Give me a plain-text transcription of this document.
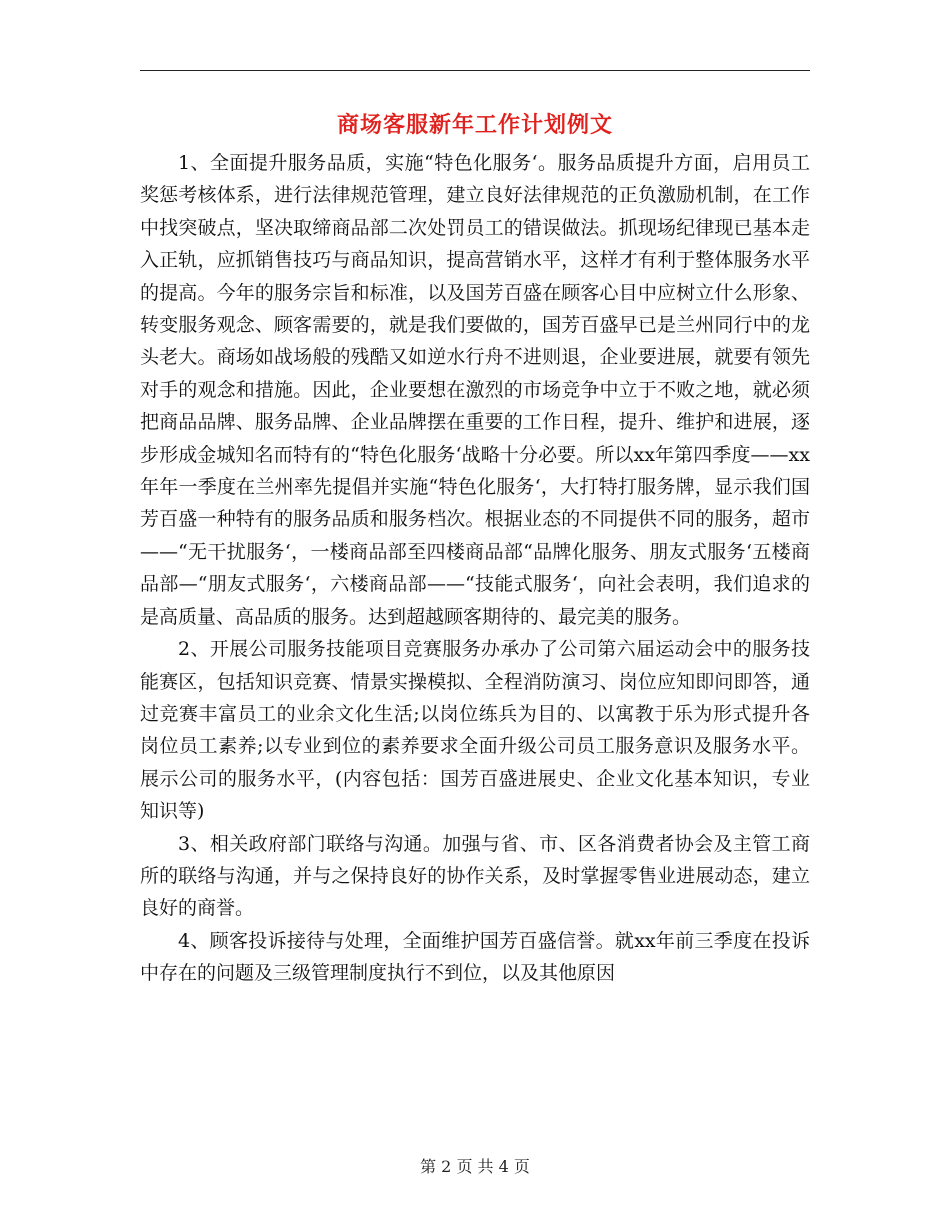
商场客服新年工作计划例文

1、全面提升服务品质，实施“特色化服务‘。服务品质提升方面，启用员工奖惩考核体系，进行法律规范管理，建立良好法律规范的正负激励机制，在工作中找突破点，坚决取缔商品部二次处罚员工的错误做法。抓现场纪律现已基本走入正轨，应抓销售技巧与商品知识，提高营销水平，这样才有利于整体服务水平的提高。今年的服务宗旨和标准，以及国芳百盛在顾客心目中应树立什么形象、转变服务观念、顾客需要的，就是我们要做的，国芳百盛早已是兰州同行中的龙头老大。商场如战场般的残酷又如逆水行舟不进则退，企业要进展，就要有领先对手的观念和措施。因此，企业要想在激烈的市场竞争中立于不败之地，就必须把商品品牌、服务品牌、企业品牌摆在重要的工作日程，提升、维护和进展，逐步形成金城知名而特有的“特色化服务‘战略十分必要。所以xx年第四季度——xx年年一季度在兰州率先提倡并实施“特色化服务‘，大打特打服务牌，显示我们国芳百盛一种特有的服务品质和服务档次。根据业态的不同提供不同的服务，超市——“无干扰服务‘，一楼商品部至四楼商品部“品牌化服务、朋友式服务‘五楼商品部—“朋友式服务‘，六楼商品部——“技能式服务‘，向社会表明，我们追求的是高质量、高品质的服务。达到超越顾客期待的、最完美的服务。

2、开展公司服务技能项目竞赛服务办承办了公司第六届运动会中的服务技能赛区，包括知识竞赛、情景实操模拟、全程消防演习、岗位应知即问即答，通过竞赛丰富员工的业余文化生活;以岗位练兵为目的、以寓教于乐为形式提升各岗位员工素养;以专业到位的素养要求全面升级公司员工服务意识及服务水平。展示公司的服务水平，(内容包括：国芳百盛进展史、企业文化基本知识，专业知识等)

3、相关政府部门联络与沟通。加强与省、市、区各消费者协会及主管工商所的联络与沟通，并与之保持良好的协作关系，及时掌握零售业进展动态，建立良好的商誉。

4、顾客投诉接待与处理，全面维护国芳百盛信誉。就xx年前三季度在投诉中存在的问题及三级管理制度执行不到位，以及其他原因

第 2 页 共 4 页
